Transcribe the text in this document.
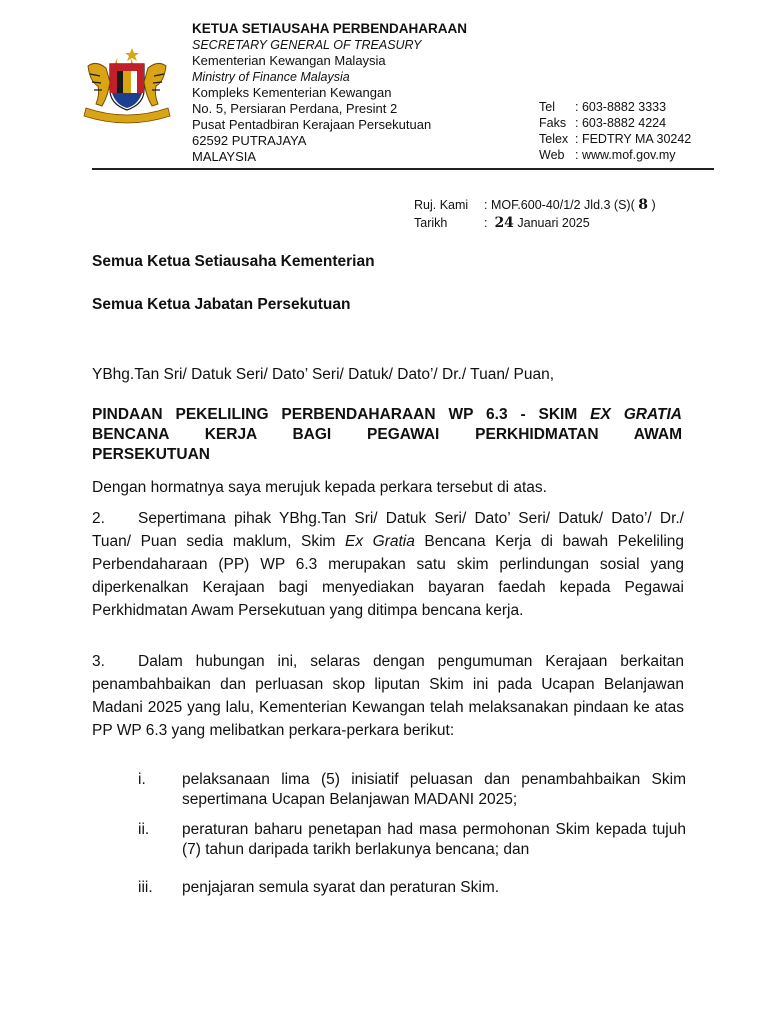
KETUA SETIAUSAHA PERBENDAHARAAN
SECRETARY GENERAL OF TREASURY
Kementerian Kewangan Malaysia
Ministry of Finance Malaysia
Kompleks Kementerian Kewangan
No. 5, Persiaran Perdana, Presint 2
Pusat Pentadbiran Kerajaan Persekutuan
62592 PUTRAJAYA
MALAYSIA
Tel	: 603-8882 3333
Faks : 603-8882 4224
Telex : FEDTRY MA 30242
Web : www.mof.gov.my
Ruj. Kami	: MOF.600-40/1/2 Jld.3 (S)( 8 )
Tarikh	: 24 Januari 2025
Semua Ketua Setiausaha Kementerian
Semua Ketua Jabatan Persekutuan
YBhg.Tan Sri/ Datuk Seri/ Dato’ Seri/ Datuk/ Dato’/ Dr./ Tuan/ Puan,
PINDAAN PEKELILING PERBENDAHARAAN WP 6.3 - SKIM EX GRATIA
BENCANA KERJA BAGI PEGAWAI PERKHIDMATAN AWAM
PERSEKUTUAN
Dengan hormatnya saya merujuk kepada perkara tersebut di atas.
2. Sepertimana pihak YBhg.Tan Sri/ Datuk Seri/ Dato’ Seri/ Datuk/ Dato’/ Dr./ Tuan/ Puan sedia maklum, Skim Ex Gratia Bencana Kerja di bawah Pekeliling Perbendaharaan (PP) WP 6.3 merupakan satu skim perlindungan sosial yang diperkenalkan Kerajaan bagi menyediakan bayaran faedah kepada Pegawai Perkhidmatan Awam Persekutuan yang ditimpa bencana kerja.
3. Dalam hubungan ini, selaras dengan pengumuman Kerajaan berkaitan penambahbaikan dan perluasan skop liputan Skim ini pada Ucapan Belanjawan Madani 2025 yang lalu, Kementerian Kewangan telah melaksanakan pindaan ke atas PP WP 6.3 yang melibatkan perkara-perkara berikut:
i.	pelaksanaan lima (5) inisiatif peluasan dan penambahbaikan Skim sepertimana Ucapan Belanjawan MADANI 2025;
ii.	peraturan baharu penetapan had masa permohonan Skim kepada tujuh (7) tahun daripada tarikh berlakunya bencana; dan
iii.	penjajaran semula syarat dan peraturan Skim.
